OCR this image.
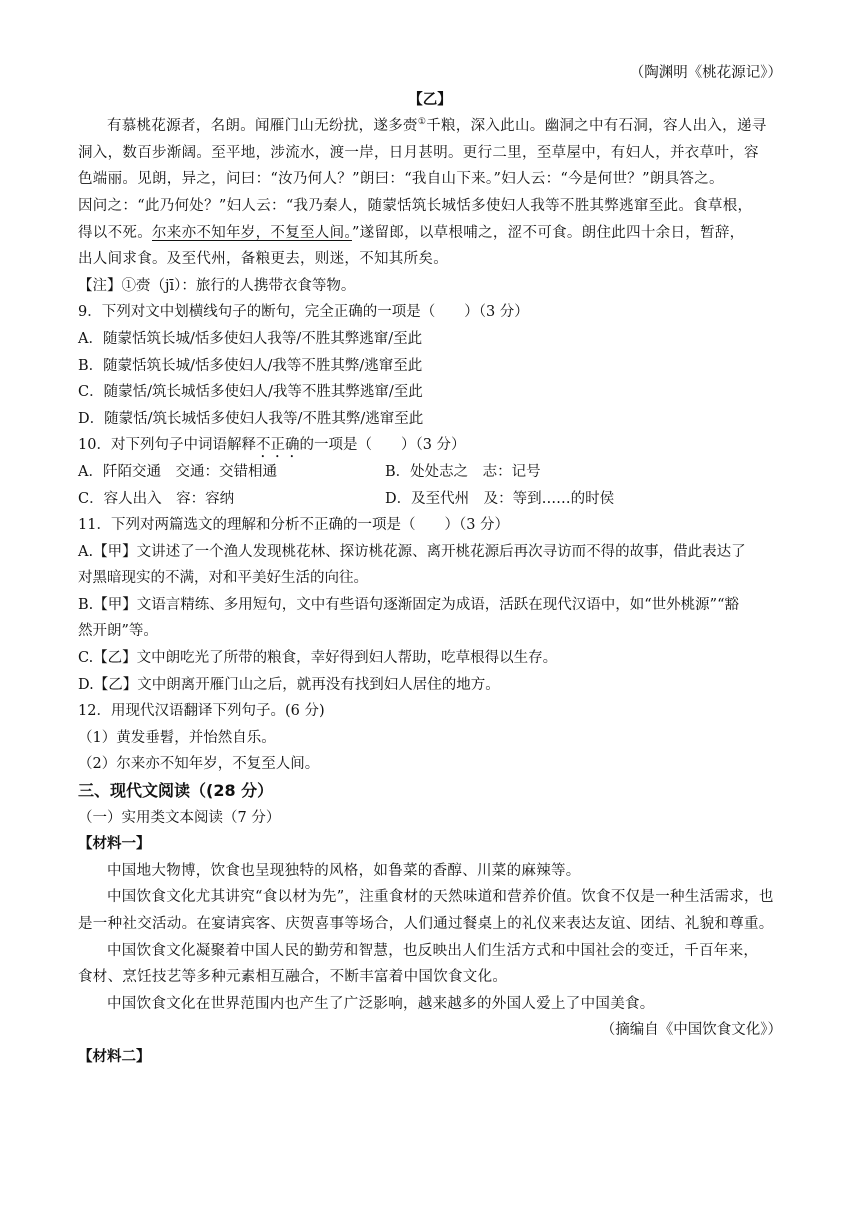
（陶渊明《桃花源记》）
【乙】
有慕桃花源者，名朗。闻雁门山无纷扰，遂多赍①千粮，深入此山。幽洞之中有石洞，容人出入，递寻
洞入，数百步渐阔。至平地，涉流水，渡一岸，日月甚明。更行二里，至草屋中，有妇人，并衣草叶，容
色端丽。见朗，异之，问曰：“汝乃何人？”朗曰：“我自山下来。”妇人云：“今是何世？”朗具答之。
因问之：“此乃何处？”妇人云：“我乃秦人，随蒙恬筑长城恬多使妇人我等不胜其弊逃窜至此。食草根，
得以不死。尔来亦不知年岁，不复至人间。”遂留郎，以草根哺之，涩不可食。朗住此四十余日，暂辞，
出人间求食。及至代州，备粮更去，则迷，不知其所矣。
【注】①赍（jī）：旅行的人携带衣食等物。
9．下列对文中划横线句子的断句，完全正确的一项是（　　）（3 分）
A．随蒙恬筑长城/恬多使妇人我等/不胜其弊逃窜/至此
B．随蒙恬筑长城/恬多使妇人/我等不胜其弊/逃窜至此
C．随蒙恬/筑长城恬多使妇人/我等不胜其弊逃窜/至此
D．随蒙恬/筑长城恬多使妇人我等/不胜其弊/逃窜至此
10．对下列句子中词语解释不正确的一项是（　　）（3 分）
A．阡陌交通　交通：交错相通	B．处处志之　志：记号
C．容人出入　容：容纳	D．及至代州　及：等到……的时侯
11．下列对两篇选文的理解和分析不正确的一项是（　　）（3 分）
A.【甲】文讲述了一个渔人发现桃花林、探访桃花源、离开桃花源后再次寻访而不得的故事，借此表达了
对黑暗现实的不满，对和平美好生活的向往。
B.【甲】文语言精练、多用短句，文中有些语句逐渐固定为成语，活跃在现代汉语中，如“世外桃源”“豁
然开朗”等。
C.【乙】文中朗吃光了所带的粮食，幸好得到妇人帮助，吃草根得以生存。
D.【乙】文中朗离开雁门山之后，就再没有找到妇人居住的地方。
12．用现代汉语翻译下列句子。(6 分)
（1）黄发垂髫，并怡然自乐。
（2）尔来亦不知年岁，不复至人间。
三、现代文阅读（(28 分）
（一）实用类文本阅读（7 分）
【材料一】
中国地大物博，饮食也呈现独特的风格，如鲁菜的香醇、川菜的麻辣等。
中国饮食文化尤其讲究“食以材为先”，注重食材的天然味道和营养价值。饮食不仅是一种生活需求，也
是一种社交活动。在宴请宾客、庆贺喜事等场合，人们通过餐桌上的礼仪来表达友谊、团结、礼貌和尊重。
中国饮食文化凝聚着中国人民的勤劳和智慧，也反映出人们生活方式和中国社会的变迁，千百年来，
食材、烹饪技艺等多种元素相互融合，不断丰富着中国饮食文化。
中国饮食文化在世界范围内也产生了广泛影响，越来越多的外国人爱上了中国美食。
（摘编自《中国饮食文化》）
【材料二】
